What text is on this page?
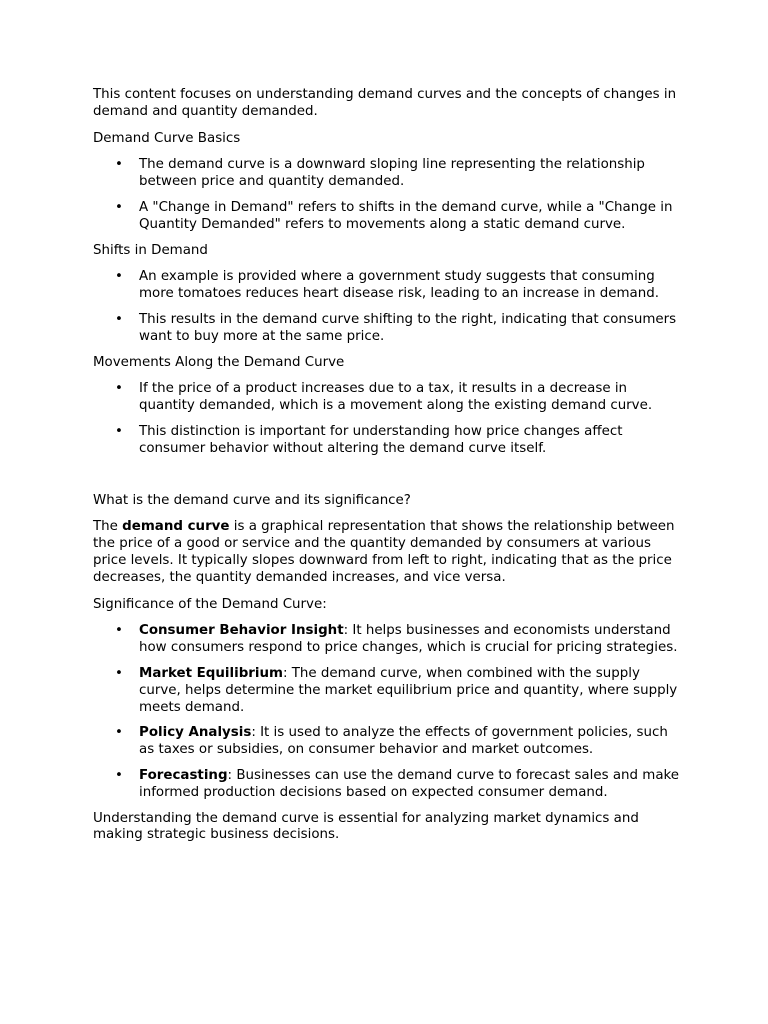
This content focuses on understanding demand curves and the concepts of changes in demand and quantity demanded.

Demand Curve Basics

• The demand curve is a downward sloping line representing the relationship between price and quantity demanded.
• A "Change in Demand" refers to shifts in the demand curve, while a "Change in Quantity Demanded" refers to movements along a static demand curve.

Shifts in Demand

• An example is provided where a government study suggests that consuming more tomatoes reduces heart disease risk, leading to an increase in demand.
• This results in the demand curve shifting to the right, indicating that consumers want to buy more at the same price.

Movements Along the Demand Curve

• If the price of a product increases due to a tax, it results in a decrease in quantity demanded, which is a movement along the existing demand curve.
• This distinction is important for understanding how price changes affect consumer behavior without altering the demand curve itself.

What is the demand curve and its significance?

The demand curve is a graphical representation that shows the relationship between the price of a good or service and the quantity demanded by consumers at various price levels. It typically slopes downward from left to right, indicating that as the price decreases, the quantity demanded increases, and vice versa.

Significance of the Demand Curve:

• Consumer Behavior Insight: It helps businesses and economists understand how consumers respond to price changes, which is crucial for pricing strategies.
• Market Equilibrium: The demand curve, when combined with the supply curve, helps determine the market equilibrium price and quantity, where supply meets demand.
• Policy Analysis: It is used to analyze the effects of government policies, such as taxes or subsidies, on consumer behavior and market outcomes.
• Forecasting: Businesses can use the demand curve to forecast sales and make informed production decisions based on expected consumer demand.

Understanding the demand curve is essential for analyzing market dynamics and making strategic business decisions.
